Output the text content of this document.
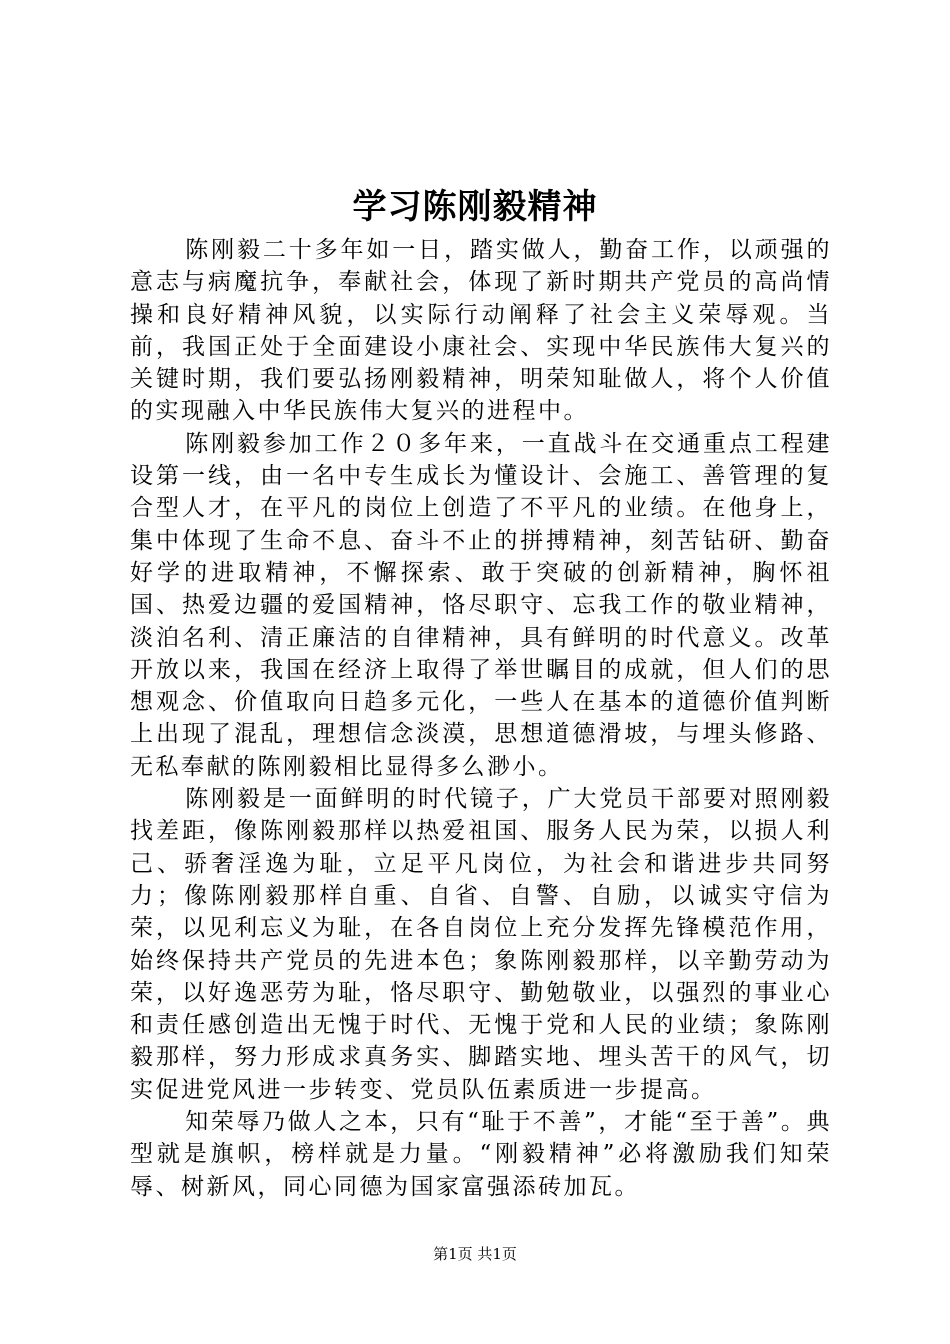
学习陈刚毅精神

陈刚毅二十多年如一日，踏实做人，勤奋工作，以顽强的意志与病魔抗争，奉献社会，体现了新时期共产党员的高尚情操和良好精神风貌，以实际行动阐释了社会主义荣辱观。当前，我国正处于全面建设小康社会、实现中华民族伟大复兴的关键时期，我们要弘扬刚毅精神，明荣知耻做人，将个人价值的实现融入中华民族伟大复兴的进程中。

陈刚毅参加工作２０多年来，一直战斗在交通重点工程建设第一线，由一名中专生成长为懂设计、会施工、善管理的复合型人才，在平凡的岗位上创造了不平凡的业绩。在他身上，集中体现了生命不息、奋斗不止的拼搏精神，刻苦钻研、勤奋好学的进取精神，不懈探索、敢于突破的创新精神，胸怀祖国、热爱边疆的爱国精神，恪尽职守、忘我工作的敬业精神，淡泊名利、清正廉洁的自律精神，具有鲜明的时代意义。改革开放以来，我国在经济上取得了举世瞩目的成就，但人们的思想观念、价值取向日趋多元化，一些人在基本的道德价值判断上出现了混乱，理想信念淡漠，思想道德滑坡，与埋头修路、无私奉献的陈刚毅相比显得多么渺小。

陈刚毅是一面鲜明的时代镜子，广大党员干部要对照刚毅找差距，像陈刚毅那样以热爱祖国、服务人民为荣，以损人利己、骄奢淫逸为耻，立足平凡岗位，为社会和谐进步共同努力；像陈刚毅那样自重、自省、自警、自励，以诚实守信为荣，以见利忘义为耻，在各自岗位上充分发挥先锋模范作用，始终保持共产党员的先进本色；象陈刚毅那样，以辛勤劳动为荣，以好逸恶劳为耻，恪尽职守、勤勉敬业，以强烈的事业心和责任感创造出无愧于时代、无愧于党和人民的业绩；象陈刚毅那样，努力形成求真务实、脚踏实地、埋头苦干的风气，切实促进党风进一步转变、党员队伍素质进一步提高。

知荣辱乃做人之本，只有“耻于不善”，才能“至于善”。典型就是旗帜，榜样就是力量。“刚毅精神”必将激励我们知荣辱、树新风，同心同德为国家富强添砖加瓦。

第1页 共1页
